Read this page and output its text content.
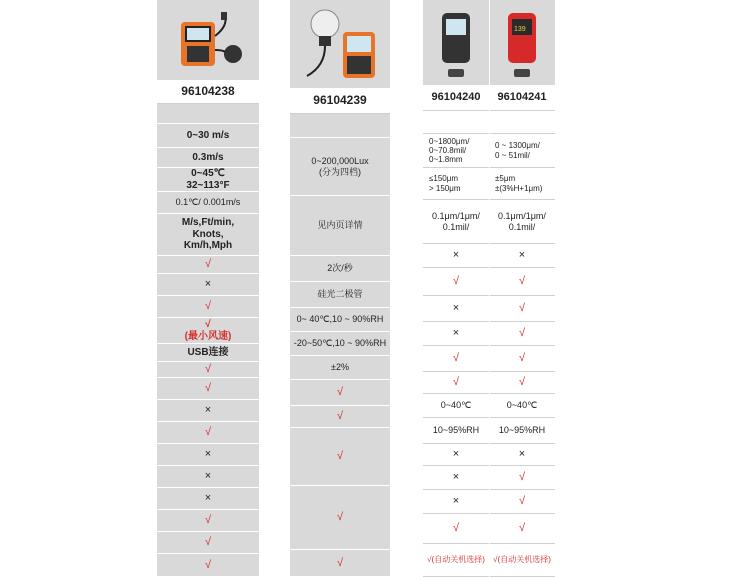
96104238
0~30 m/s
0.3m/s
0~45℃
32~113°F
0.1℃/ 0.001m/s
M/s,Ft/min,
Knots,
Km/h,Mph
√
×
√
√
(最小风速)
USB连接
√
√
×
√
×
×
×
√
√
√
96104239
0~200,000Lux
(分为四档)
见内页详情
2次/秒
硅光二极管
0~ 40℃,10 ~ 90%RH
-20~50℃,10 ~ 90%RH
±2%
√
√
√
√
√
96104240
0~1800μm/
0~70.8mil/
0~1.8mm
≤150μm
> 150μm
0.1μm/1μm/
0.1mil/
×
√
×
×
√
√
0~40℃
10~95%RH
×
×
×
√
√(自动关机选择)
139
96104241
0 ~ 1300μm/
0 ~ 51mil/
±5μm
±(3%H+1μm)
0.1μm/1μm/
0.1mil/
×
√
√
√
√
√
0~40℃
10~95%RH
×
√
√
√
√(自动关机选择)
